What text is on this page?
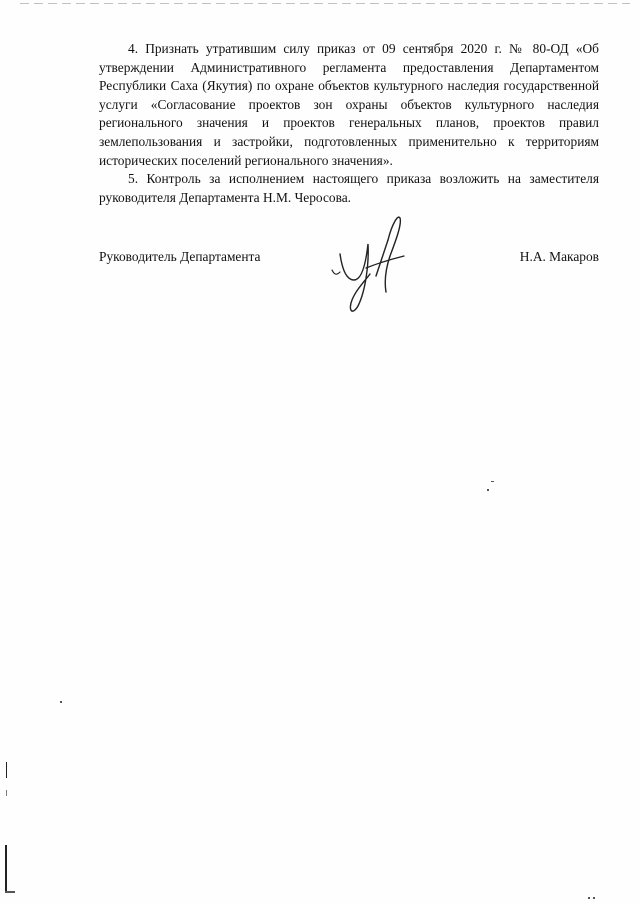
4. Признать утратившим силу приказ от 09 сентября 2020 г. № 80-ОД «Об утверждении Административного регламента предоставления Департаментом Республики Саха (Якутия) по охране объектов культурного наследия государственной услуги «Согласование проектов зон охраны объектов культурного наследия регионального значения и проектов генеральных планов, проектов правил землепользования и застройки, подготовленных применительно к территориям исторических поселений регионального значения».

5. Контроль за исполнением настоящего приказа возложить на заместителя руководителя Департамента Н.М. Черосова.

Руководитель Департамента	Н.А. Макаров
